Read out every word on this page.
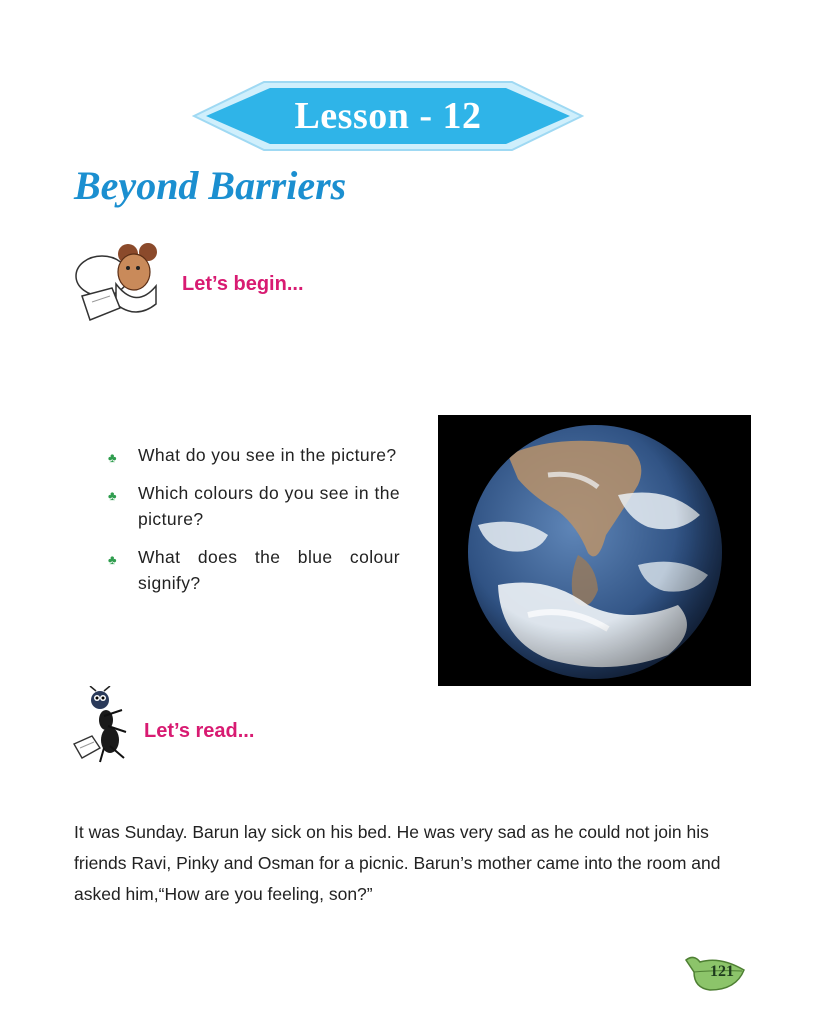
Lesson - 12
Beyond Barriers
Let’s begin...
♣ What do you see in the picture?
♣ Which colours do you see in the picture?
♣ What does the blue colour signify?
Let’s read...

It was Sunday. Barun lay sick on his bed. He was very sad as he could not join his friends Ravi, Pinky and Osman for a picnic. Barun’s mother came into the room and asked him,“How are you feeling, son?”

121
